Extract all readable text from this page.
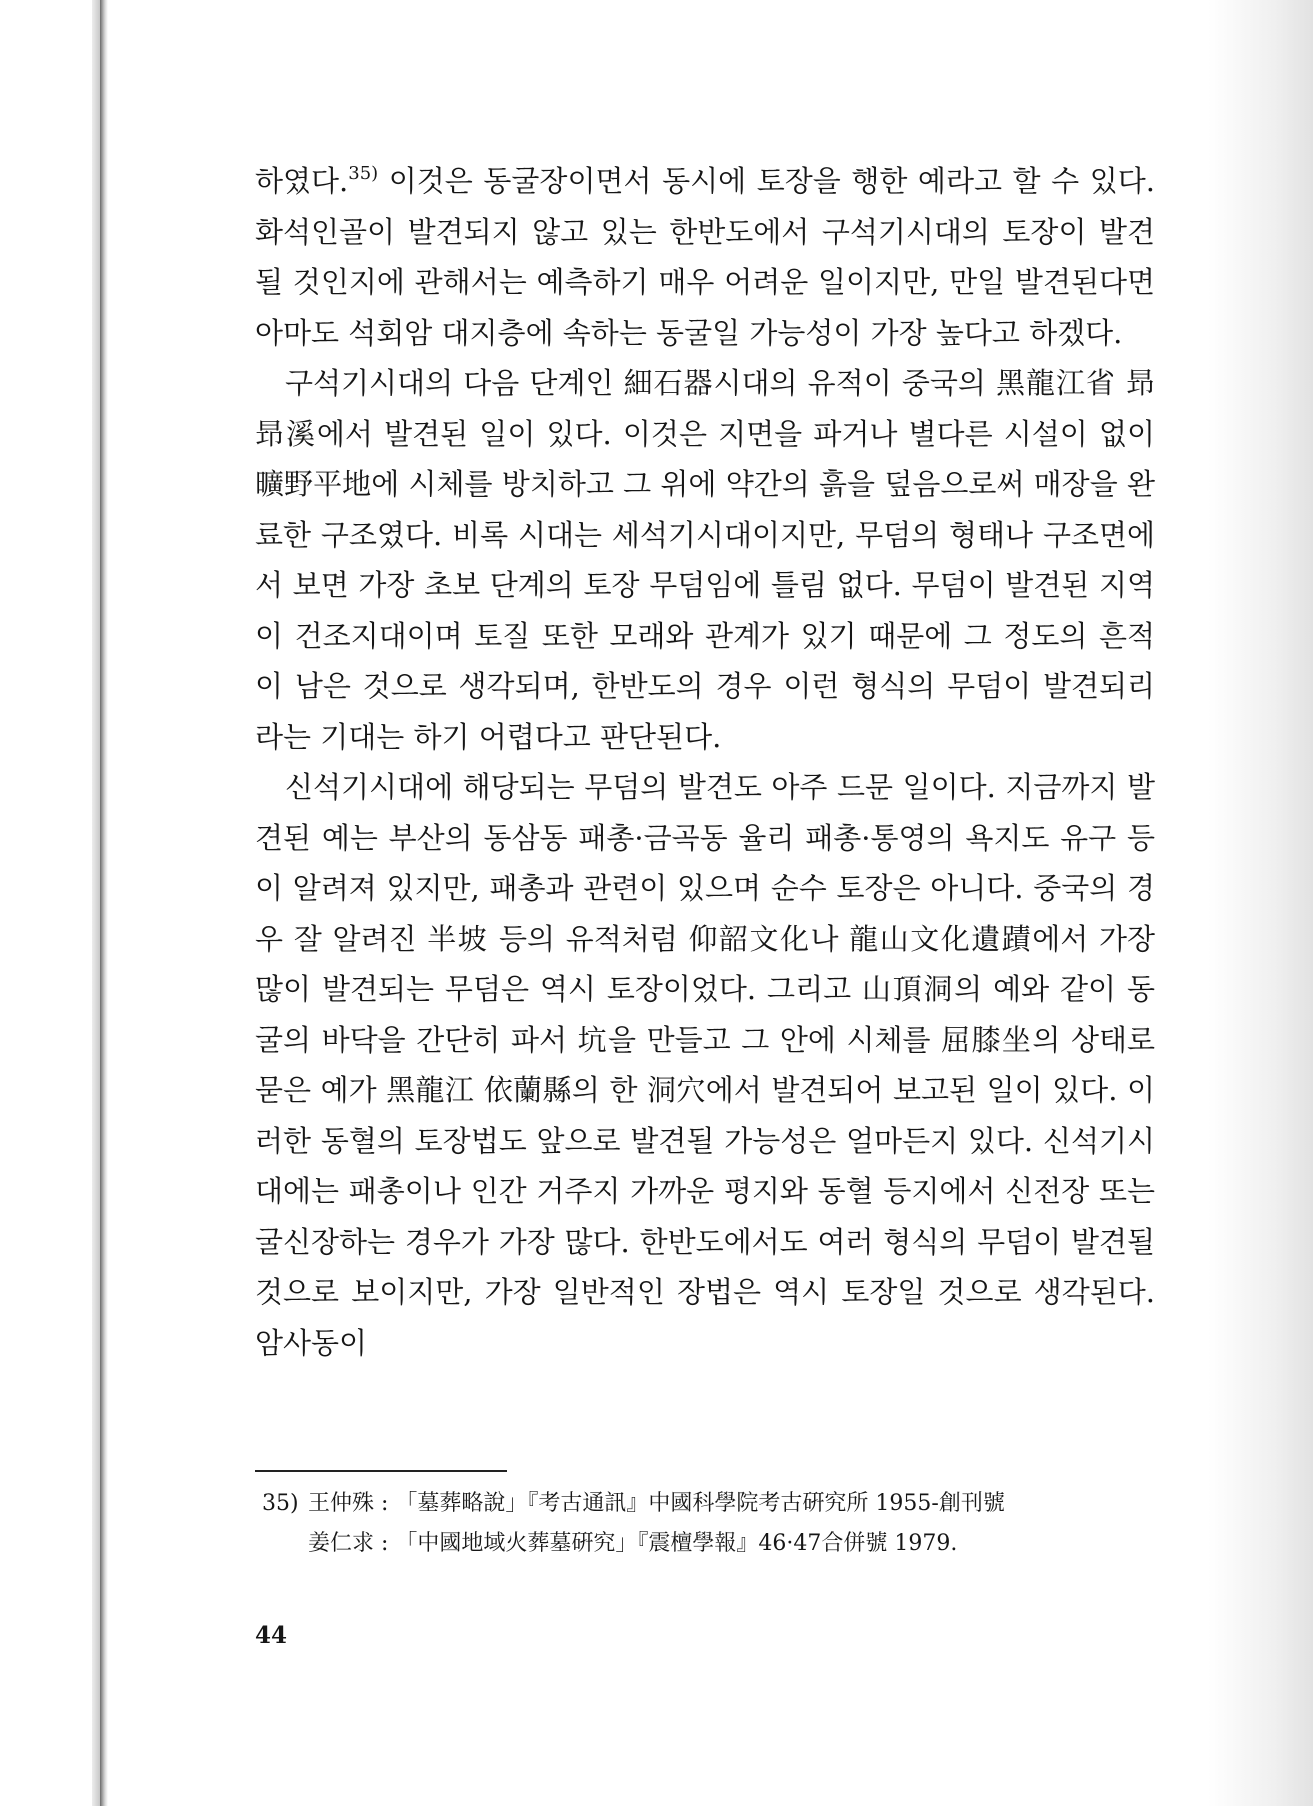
하였다.$^{35)}$ 이것은 동굴장이면서 동시에 토장을 행한 예라고 할 수 있다. 화석인골이 발견되지 않고 있는 한반도에서 구석기시대의 토장이 발견될 것인지에 관해서는 예측하기 매우 어려운 일이지만, 만일 발견된다면 아마도 석회암 대지층에 속하는 동굴일 가능성이 가장 높다고 하겠다.

구석기시대의 다음 단계인 細石器시대의 유적이 중국의 黑龍江省 昻昻溪에서 발견된 일이 있다. 이것은 지면을 파거나 별다른 시설이 없이 曠野平地에 시체를 방치하고 그 위에 약간의 흙을 덮음으로써 매장을 완료한 구조였다. 비록 시대는 세석기시대이지만, 무덤의 형태나 구조면에서 보면 가장 초보 단계의 토장 무덤임에 틀림 없다. 무덤이 발견된 지역이 건조지대이며 토질 또한 모래와 관계가 있기 때문에 그 정도의 흔적이 남은 것으로 생각되며, 한반도의 경우 이런 형식의 무덤이 발견되리라는 기대는 하기 어렵다고 판단된다.

신석기시대에 해당되는 무덤의 발견도 아주 드문 일이다. 지금까지 발견된 예는 부산의 동삼동 패총·금곡동 율리 패총·통영의 욕지도 유구 등이 알려져 있지만, 패총과 관련이 있으며 순수 토장은 아니다. 중국의 경우 잘 알려진 半坡 등의 유적처럼 仰韶文化나 龍山文化遺蹟에서 가장 많이 발견되는 무덤은 역시 토장이었다. 그리고 山頂洞의 예와 같이 동굴의 바닥을 간단히 파서 坑을 만들고 그 안에 시체를 屈膝坐의 상태로 묻은 예가 黑龍江 依蘭縣의 한 洞穴에서 발견되어 보고된 일이 있다. 이러한 동혈의 토장법도 앞으로 발견될 가능성은 얼마든지 있다. 신석기시대에는 패총이나 인간 거주지 가까운 평지와 동혈 등지에서 신전장 또는 굴신장하는 경우가 가장 많다. 한반도에서도 여러 형식의 무덤이 발견될 것으로 보이지만, 가장 일반적인 장법은 역시 토장일 것으로 생각된다. 암사동이

35) 王仲殊 : 「墓葬略說」『考古通訊』中國科學院考古硏究所 1955-創刊號
姜仁求 : 「中國地域火葬墓硏究」『震檀學報』46·47合併號 1979.
44
